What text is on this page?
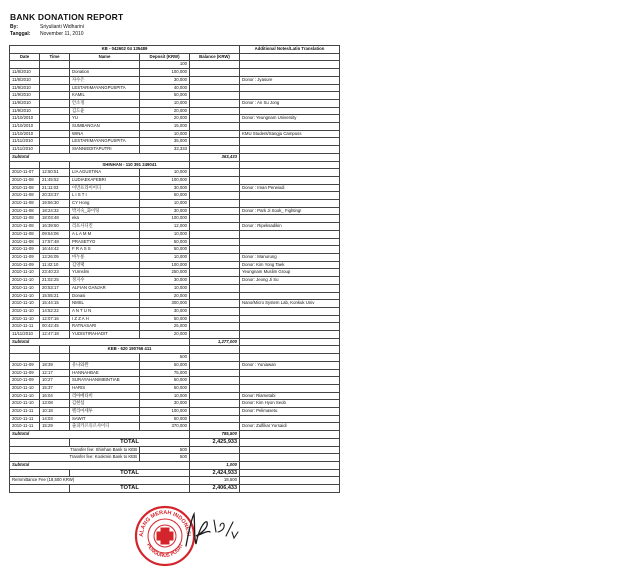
BANK DONATION REPORT
By:	Sriyulianti Widharini
Tanggal: November 11, 2010
KB - 042602 04 135489					Additional Notes/Latin Translation
Date	Time	Name	Deposit (KRW)	Balance (KRW)	
			100		
11/8/2010		Donation	100,000		
11/8/2010		자수은	30,000		Donor : Jyasure
11/9/2010		LESTARIMAYANGPUSPITA	40,000		
11/9/2010		KAMIL	50,000		
11/9/2010		안소정	10,000		Donor : An Su Jong
11/9/2010		김도윤	20,000		
11/10/2010		YU	20,000		Donor: Yeungnam University
11/10/2010		SUMBANGAN	15,000		
11/10/2010		WINA	10,000		KMU Student/Sangju Campuss
11/11/2010		LESTARIMAYANGPUSPITA	35,000		
11/11/2010		SIANNIEDITAPUTRI	33,333		
Subtotal				363,433	
		SHINHAN - 110 391 249041			
2010-11-07	12:50:51	LIA AGUSTINA	10,000		
2010-11-08	21:45:52	LUDIAEKAFEBRI	100,000		
2010-11-08	21:11:03	이만프라이이디	30,000		Donor : Iman Perwiodi
2010-11-08	20:33:37	L I S T I	50,000		
2010-11-08	19:56:30	CY Hong	10,000		
2010-11-08	18:24:32	박지숙_화이팅	30,000		Donor : Park Ji Sook_ Fighting!
2010-11-08	18:03:48	eka	100,000		
2010-11-08	16:39:50	리프사디킨	12,000		Donor : Ripeksadikin
2010-11-08	09:54:06	A L A M M	10,000		
2010-11-08	17:57:48	PRASETYO	50,000		
2010-11-09	16:44:42	F R A S S	50,000		
2010-11-09	13:26:05	마누룽	10,000		Donor : Manurung
2010-11-09	11:42:10	김영택	100,000		Donor: Kim Yong Taek
2010-11-10	23:40:23	YUmslim	250,000		Yeungnam Muslim Group
2010-11-10	21:02:25	정지수	30,000		Donor: Jeong Ji Su
2010-11-10	20:53:17	ALFIAN GANJAR	10,000		
2010-11-10	15:55:21	Donasi	20,000		
2010-11-10	15:44:15	NMSL	300,000		Nano/Micro System Lab, Konkuk Univ
2010-11-10	14:52:22	A N T U N	30,000		
2010-11-10	12:07:16	I Z Z A H	50,000		
2010-11-11	00:42:45	RATNASARI	25,000		
11/11/2010	12:47:18	YUDISTIRAHADIT	20,000		
Subtotal				1,277,000	
		KEB - 620 190766 411			
			500		
2010-11-09	18:39	유나와완	50,000		Donor : Yuniawan
2010-11-09	12:17	HANNAHBAE	75,000		
2010-11-09	10:27	SURAYAHANIMBINTIAB	50,000		
2010-11-10	15:37	HARIS	50,000		
2010-11-10	16:04	리아메타비	10,000		Donor: Riametabi
2010-11-10	13:08	김현섭	30,000		Donor: Kim Hyon Seob
2010-11-11	10:18	펠리마세투	100,000		Donor: Pelimasetu
2010-11-11	14:03	SAWIT	50,000		
2010-11-11	15:29	줄피카르유르사이디	370,000		Donor: Zulfikar Yursaidi
Subtotal				785,500	
		TOTAL		2,425,933	
Transfer fee: Shinhan Bank to KEB			500		
Transfer fee: Kookmin Bank to KEB			500		
Subtotal				1,000	
		TOTAL		2,424,933	
Remmittance Fee (18,500 KRW)				18,500	
		TOTAL		2,406,433	
ALANG MERAH INDONESI
PENGURUS PUSAT
